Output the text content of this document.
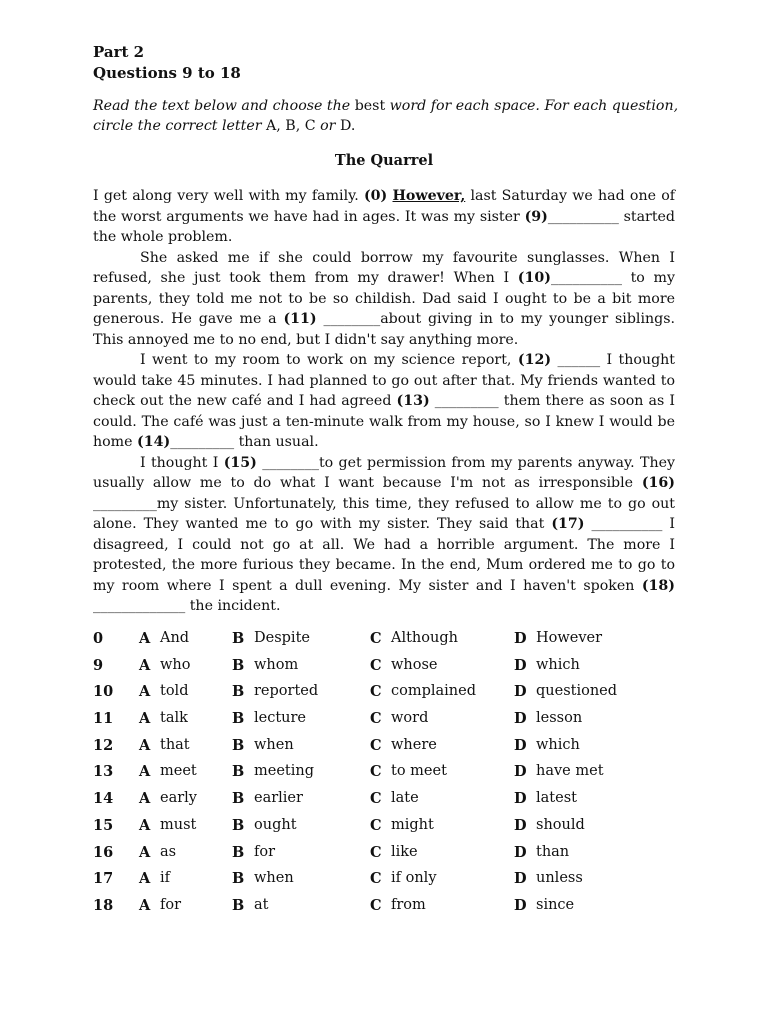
Part 2
Questions 9 to 18
Read the text below and choose the best word for each space. For each question, circle the correct letter A, B, C or D.
The Quarrel

I get along very well with my family. (0) However, last Saturday we had one of the worst arguments we have had in ages. It was my sister (9)__________ started the whole problem.

She asked me if she could borrow my favourite sunglasses. When I refused, she just took them from my drawer! When I (10)__________ to my parents, they told me not to be so childish. Dad said I ought to be a bit more generous. He gave me a (11) ________about giving in to my younger siblings. This annoyed me to no end, but I didn't say anything more.

I went to my room to work on my science report, (12) ______ I thought would take 45 minutes. I had planned to go out after that. My friends wanted to check out the new café and I had agreed (13) _________ them there as soon as I could. The café was just a ten-minute walk from my house, so I knew I would be home (14)_________ than usual.

I thought I (15) ________to get permission from my parents anyway. They usually allow me to do what I want because I'm not as irresponsible (16) _________my sister. Unfortunately, this time, they refused to allow me to go out alone. They wanted me to go with my sister. They said that (17) __________ I disagreed, I could not go at all. We had a horrible argument. The more I protested, the more furious they became. In the end, Mum ordered me to go to my room where I spent a dull evening. My sister and I haven't spoken (18) _____________ the incident.

0 A And	B Despite	C Although	D However
9 A who	B whom	C whose	D which
10 A told	B reported	C complained	D questioned
11 A talk	B lecture	C word	D lesson
12 A that	B when	C where	D which
13 A meet B meeting	C to meet	D have met
14 A early B earlier	C late	D latest
15 A must B ought	C might	D should
16 A as	B for	C like	D than
17 A if	B when	C if only	D unless
18 A for	B at	C from	D since
